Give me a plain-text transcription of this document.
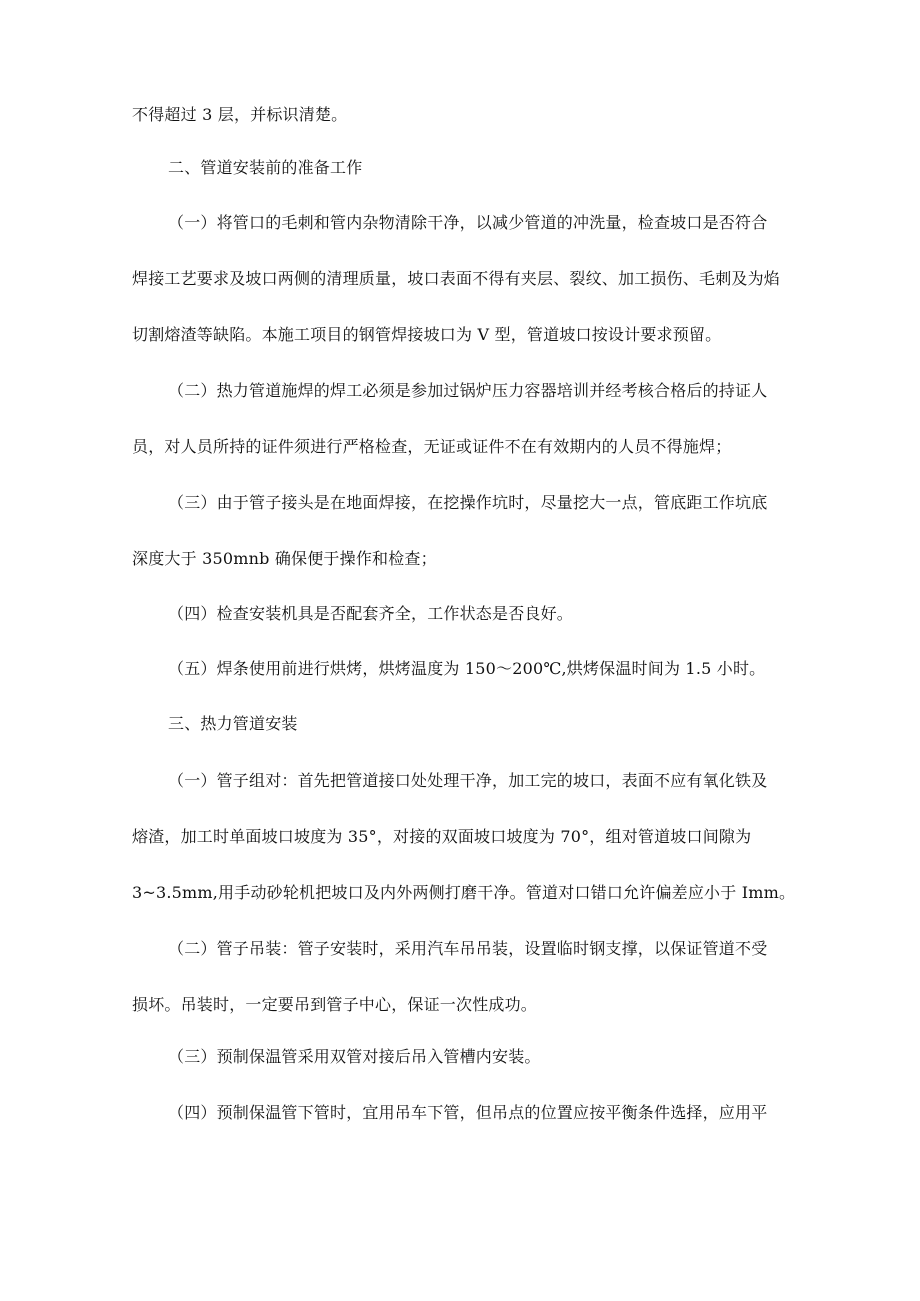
不得超过 3 层，并标识清楚。

二、管道安装前的准备工作

（一）将管口的毛刺和管内杂物清除干净，以减少管道的冲洗量，检查坡口是否符合

焊接工艺要求及坡口两侧的清理质量，坡口表面不得有夹层、裂纹、加工损伤、毛刺及为焰

切割熔渣等缺陷。本施工项目的钢管焊接坡口为 V 型，管道坡口按设计要求预留。

（二）热力管道施焊的焊工必须是参加过锅炉压力容器培训并经考核合格后的持证人

员，对人员所持的证件须进行严格检查，无证或证件不在有效期内的人员不得施焊；

（三）由于管子接头是在地面焊接，在挖操作坑时，尽量挖大一点，管底距工作坑底

深度大于 350mnb 确保便于操作和检查；

（四）检查安装机具是否配套齐全，工作状态是否良好。

（五）焊条使用前进行烘烤，烘烤温度为 150～200℃,烘烤保温时间为 1.5 小时。

三、热力管道安装

（一）管子组对：首先把管道接口处处理干净，加工完的坡口，表面不应有氧化铁及

熔渣，加工时单面坡口坡度为 35°，对接的双面坡口坡度为 70°，组对管道坡口间隙为

3~3.5mm,用手动砂轮机把坡口及内外两侧打磨干净。管道对口错口允许偏差应小于 Imm。

（二）管子吊装：管子安装时，采用汽车吊吊装，设置临时钢支撑，以保证管道不受

损坏。吊装时，一定要吊到管子中心，保证一次性成功。

（三）预制保温管采用双管对接后吊入管槽内安装。

（四）预制保温管下管时，宜用吊车下管，但吊点的位置应按平衡条件选择，应用平
